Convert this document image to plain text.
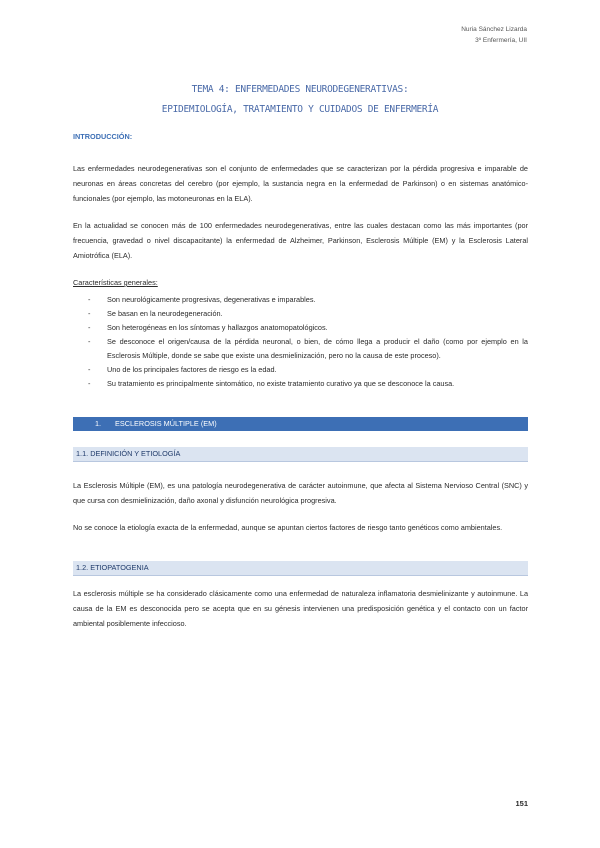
Nuria Sánchez Lizarda
3º Enfermería, UII
TEMA 4: ENFERMEDADES NEURODEGENERATIVAS:
EPIDEMIOLOGÍA, TRATAMIENTO Y CUIDADOS DE ENFERMERÍA
INTRODUCCIÓN:

Las enfermedades neurodegenerativas son el conjunto de enfermedades que se caracterizan por la pérdida progresiva e imparable de neuronas en áreas concretas del cerebro (por ejemplo, la sustancia negra en la enfermedad de Parkinson) o en sistemas anatómico-funcionales (por ejemplo, las motoneuronas en la ELA).

En la actualidad se conocen más de 100 enfermedades neurodegenerativas, entre las cuales destacan como las más importantes (por frecuencia, gravedad o nivel discapacitante) la enfermedad de Alzheimer, Parkinson, Esclerosis Múltiple (EM) y la Esclerosis Lateral Amiotrófica (ELA).

Características generales:
- Son neurológicamente progresivas, degenerativas e imparables.
- Se basan en la neurodegeneración.
- Son heterogéneas en los síntomas y hallazgos anatomopatológicos.
- Se desconoce el origen/causa de la pérdida neuronal, o bien, de cómo llega a producir el daño (como por ejemplo en la Esclerosis Múltiple, donde se sabe que existe una desmielinización, pero no la causa de este proceso).
- Uno de los principales factores de riesgo es la edad.
- Su tratamiento es principalmente sintomático, no existe tratamiento curativo ya que se desconoce la causa.
1. ESCLEROSIS MÚLTIPLE (EM)
1.1. DEFINICIÓN Y ETIOLOGÍA

La Esclerosis Múltiple (EM), es una patología neurodegenerativa de carácter autoinmune, que afecta al Sistema Nervioso Central (SNC) y que cursa con desmielinización, daño axonal y disfunción neurológica progresiva.

No se conoce la etiología exacta de la enfermedad, aunque se apuntan ciertos factores de riesgo tanto genéticos como ambientales.

1.2. ETIOPATOGENIA

La esclerosis múltiple se ha considerado clásicamente como una enfermedad de naturaleza inflamatoria desmielinizante y autoinmune. La causa de la EM es desconocida pero se acepta que en su génesis intervienen una predisposición genética y el contacto con un factor ambiental posiblemente infeccioso.

151
